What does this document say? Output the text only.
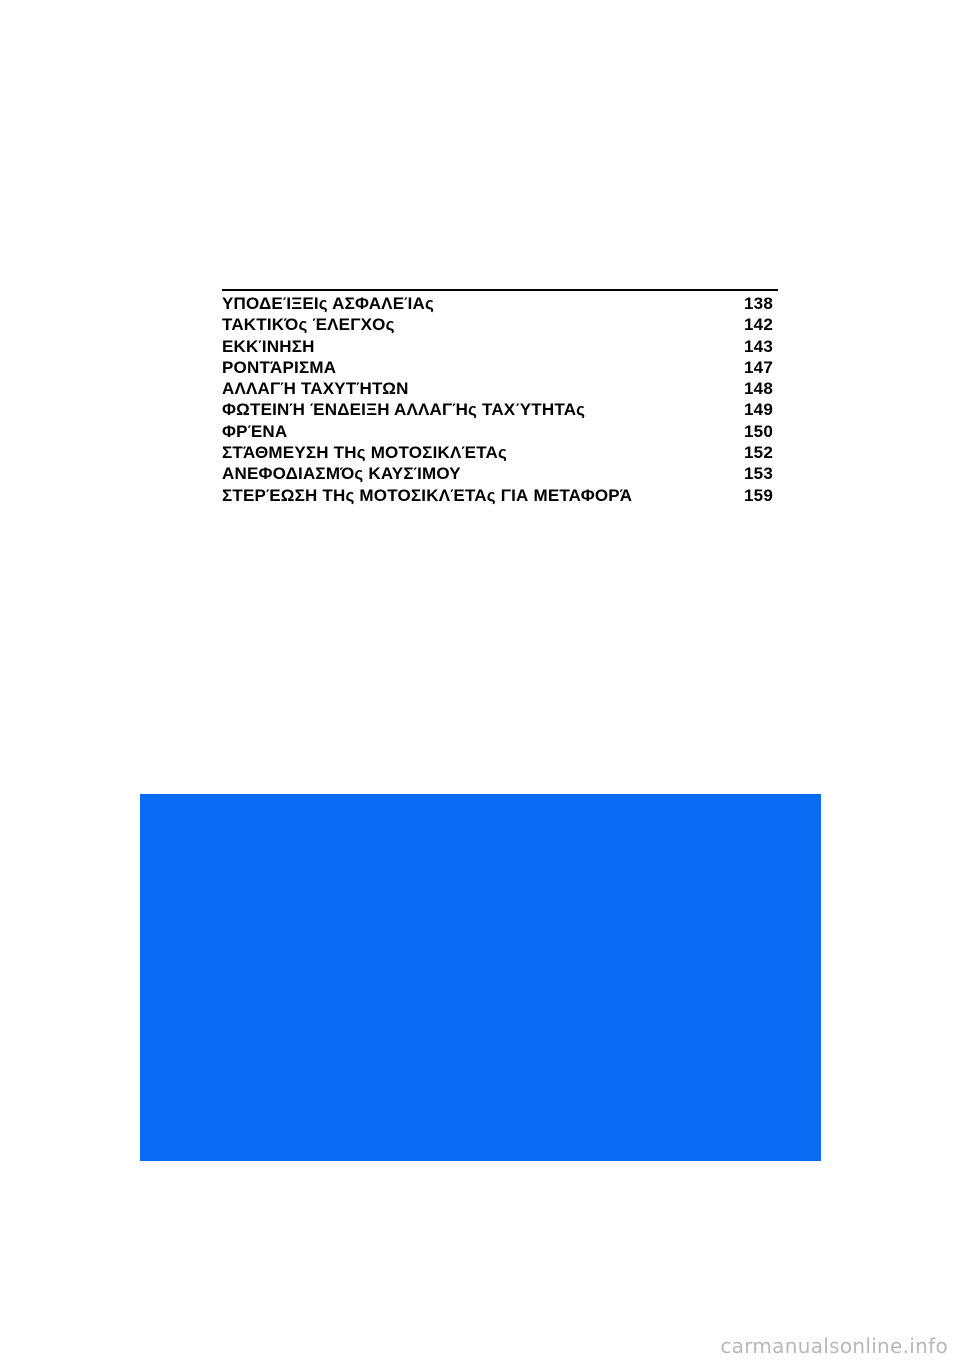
ΥΠΟΔΕΊΞΕΙς ΑΣΦΑΛΕΊΑς	138
ΤΑΚΤΙΚΌς ΈΛΕΓΧΟς	142
ΕΚΚΊΝΗΣΗ	143
ΡΟΝΤΆΡΙΣΜΑ	147
ΑΛΛΑΓΉ ΤΑΧΥΤΉΤΩΝ	148
ΦΩΤΕΙΝΉ ΈΝΔΕΙΞΗ ΑΛΛΑΓΉς ΤΑΧΎΤΗΤΑς	149
ΦΡΈΝΑ	150
ΣΤΆΘΜΕΥΣΗ ΤΗς ΜΟΤΟΣΙΚΛΈΤΑς	152
ΑΝΕΦΟΔΙΑΣΜΌς ΚΑΥΣΊΜΟΥ	153
ΣΤΕΡΈΩΣΗ ΤΗς ΜΟΤΟΣΙΚΛΈΤΑς ΓΙΑ ΜΕΤΑΦΟΡΆ	159
carmanualsonline.info
